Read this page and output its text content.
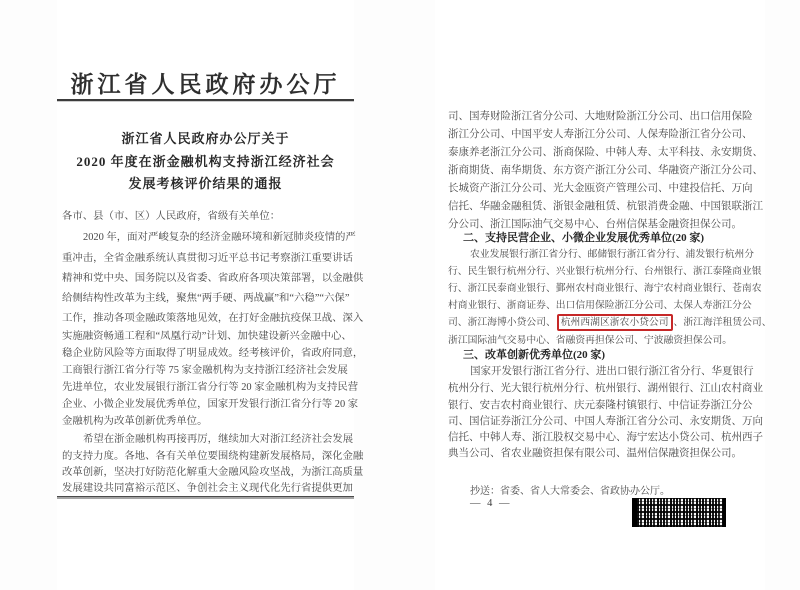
浙江省人民政府办公厅
浙江省人民政府办公厅关于
2020 年度在浙金融机构支持浙江经济社会
发展考核评价结果的通报
各市、县（市、区）人民政府，省级有关单位：
2020 年，面对严峻复杂的经济金融环境和新冠肺炎疫情的严
重冲击，全省金融系统认真贯彻习近平总书记考察浙江重要讲话
精神和党中央、国务院以及省委、省政府各项决策部署，以金融供
给侧结构性改革为主线，聚焦“两手硬、两战赢”和“六稳”“六保”
工作，推动各项金融政策落地见效，在打好金融抗疫保卫战、深入
实施融资畅通工程和“凤凰行动”计划、加快建设新兴金融中心、
稳企业防风险等方面取得了明显成效。经考核评价，省政府同意，
工商银行浙江省分行等 75 家金融机构为支持浙江经济社会发展
先进单位，农业发展银行浙江省分行等 20 家金融机构为支持民营
企业、小微企业发展优秀单位，国家开发银行浙江省分行等 20 家
金融机构为改革创新优秀单位。
希望在浙金融机构再接再厉，继续加大对浙江经济社会发展
的支持力度。各地、各有关单位要围绕构建新发展格局，深化金融
改革创新，坚决打好防范化解重大金融风险攻坚战，为浙江高质量
发展建设共同富裕示范区、争创社会主义现代化先行省提供更加
司、国寿财险浙江省分公司、大地财险浙江分公司、出口信用保险
浙江分公司、中国平安人寿浙江分公司、人保寿险浙江省分公司、
泰康养老浙江分公司、浙商保险、中韩人寿、太平科技、永安期货、
浙商期货、南华期货、东方资产浙江分公司、华融资产浙江分公司、
长城资产浙江分公司、光大金瓯资产管理公司、中建投信托、万向
信托、华融金融租赁、浙银金融租赁、杭银消费金融、中国银联浙江
分公司、浙江国际油气交易中心、台州信保基金融资担保公司。
二、支持民营企业、小微企业发展优秀单位(20 家)
农业发展银行浙江省分行、邮储银行浙江省分行、浦发银行杭州分
行、民生银行杭州分行、兴业银行杭州分行、台州银行、浙江泰隆商业银
行、浙江民泰商业银行、鄞州农村商业银行、海宁农村商业银行、苍南农
村商业银行、浙商证券、出口信用保险浙江分公司、太保人寿浙江分公
司、浙江海博小贷公司、 杭州西湖区浙农小贷公司 、浙江海洋租赁公司、
浙江国际油气交易中心、省融资再担保公司、宁波融资担保公司。
三、改革创新优秀单位(20 家)
国家开发银行浙江省分行、进出口银行浙江省分行、华夏银行
杭州分行、光大银行杭州分行、杭州银行、湖州银行、江山农村商业
银行、安吉农村商业银行、庆元泰隆村镇银行、中信证券浙江分公
司、国信证券浙江分公司、中国人寿浙江省分公司、永安期货、万向
信托、中韩人寿、浙江股权交易中心、海宁宏达小贷公司、杭州西子
典当公司、省农业融资担保有限公司、温州信保融资担保公司。
抄送：省委、省人大常委会、省政协办公厅。
— 4 —
